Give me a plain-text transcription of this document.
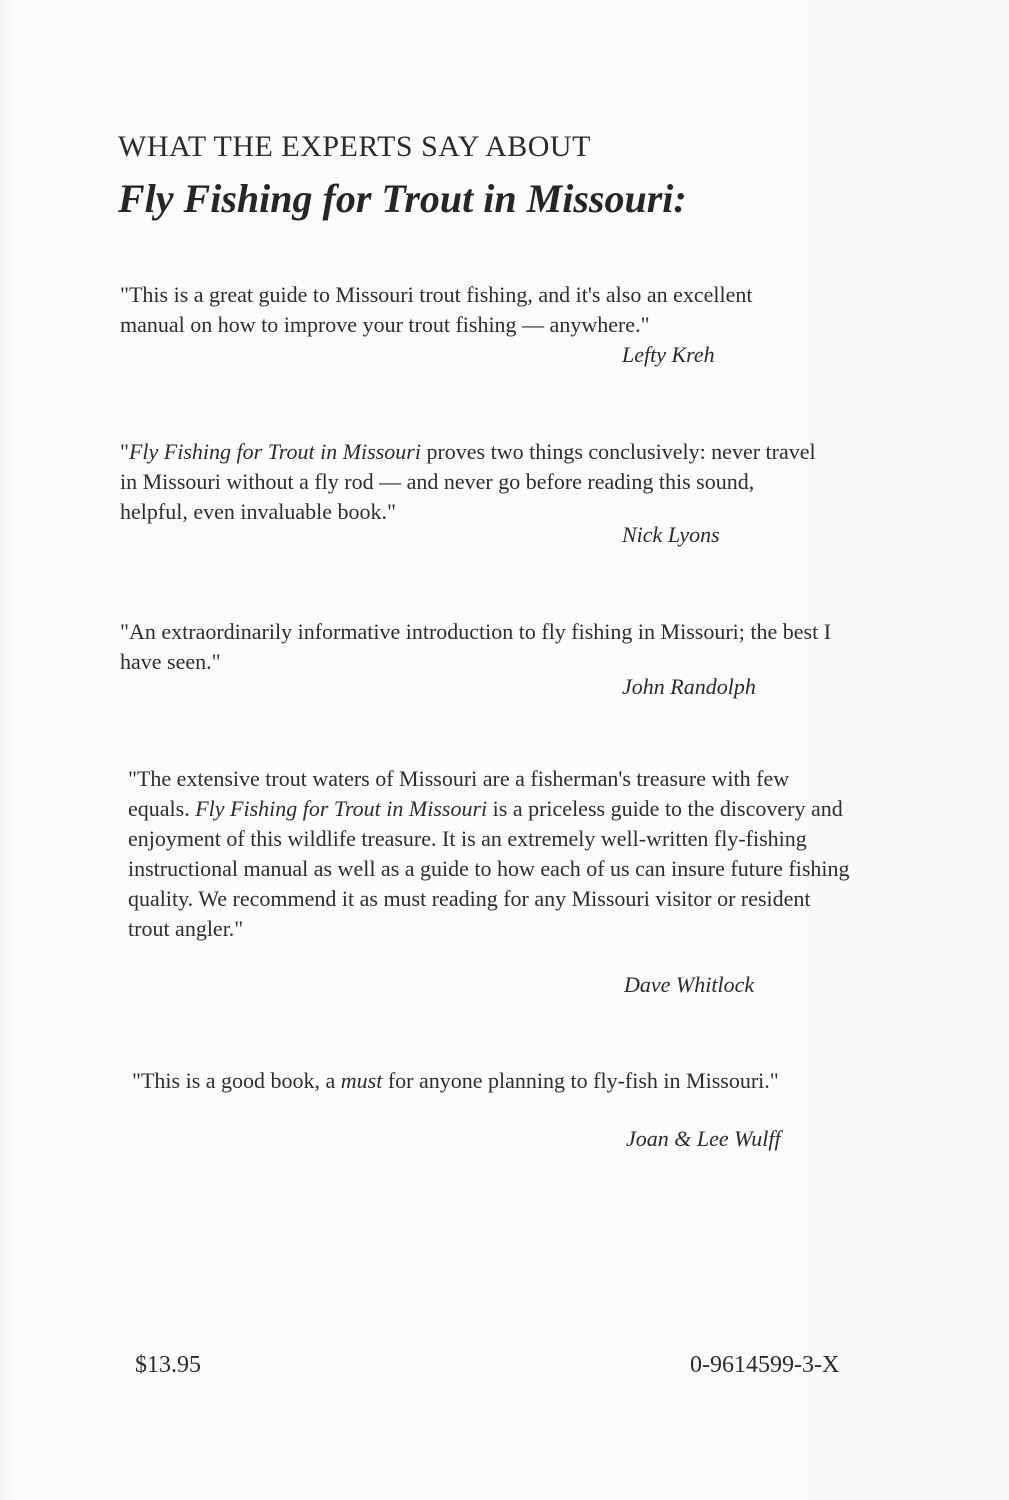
WHAT THE EXPERTS SAY ABOUT
Fly Fishing for Trout in Missouri:
"This is a great guide to Missouri trout fishing, and it's also an excellent manual on how to improve your trout fishing — anywhere."
Lefty Kreh
"Fly Fishing for Trout in Missouri proves two things conclusively: never travel in Missouri without a fly rod — and never go before reading this sound, helpful, even invaluable book."
Nick Lyons
"An extraordinarily informative introduction to fly fishing in Missouri; the best I have seen."
John Randolph
"The extensive trout waters of Missouri are a fisherman's treasure with few equals. Fly Fishing for Trout in Missouri is a priceless guide to the discovery and enjoyment of this wildlife treasure. It is an extremely well-written fly-fishing instructional manual as well as a guide to how each of us can insure future fishing quality. We recommend it as must reading for any Missouri visitor or resident trout angler."
Dave Whitlock
"This is a good book, a must for anyone planning to fly-fish in Missouri."
Joan & Lee Wulff
$13.95	0-9614599-3-X
